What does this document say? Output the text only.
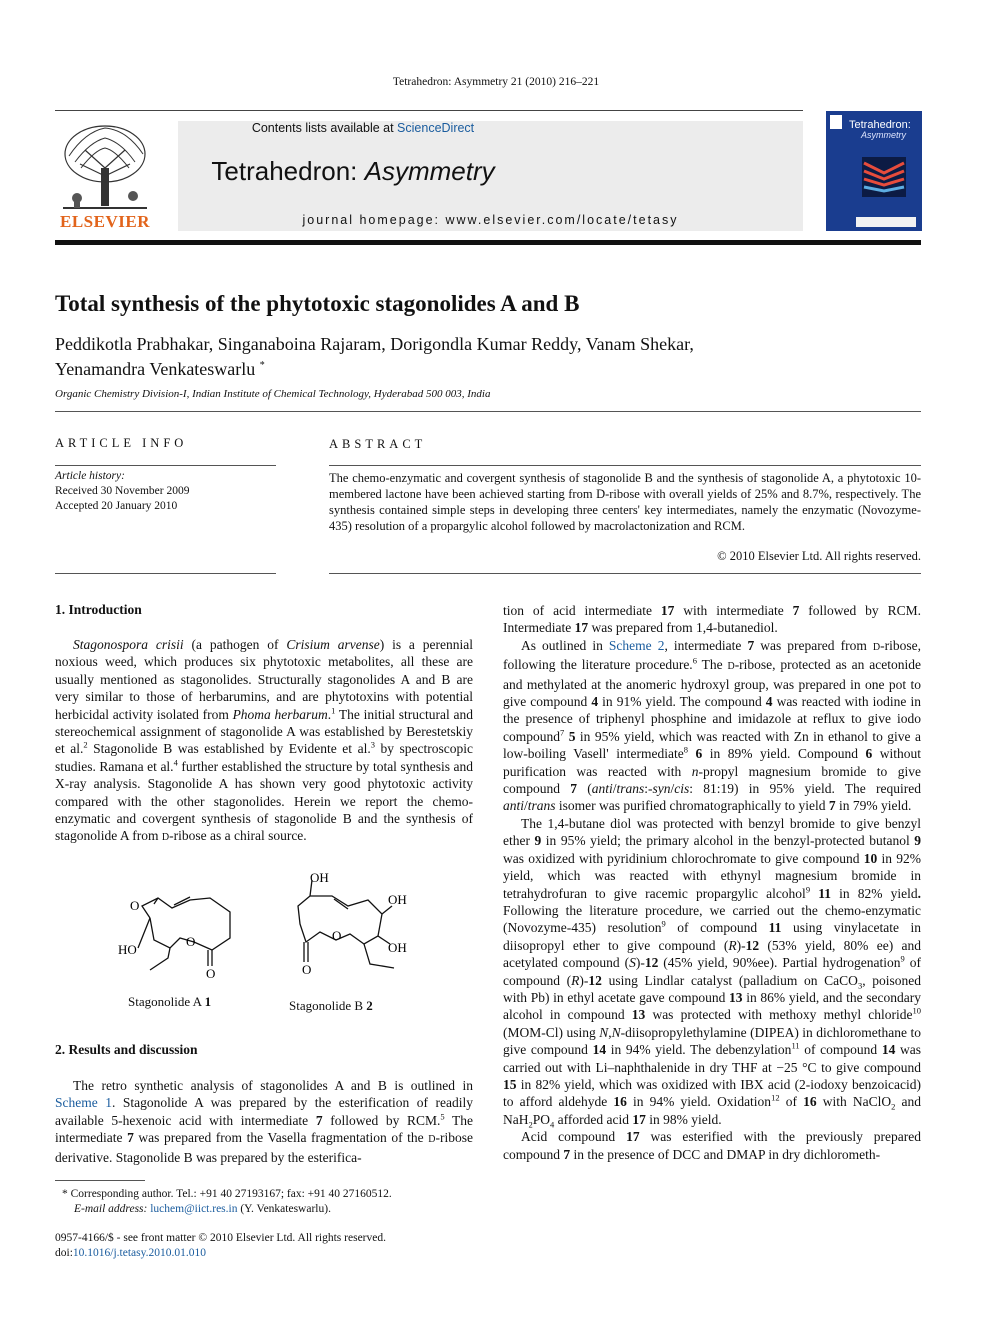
Tetrahedron: Asymmetry 21 (2010) 216–221
ELSEVIER
Contents lists available at ScienceDirect
Tetrahedron: Asymmetry
journal homepage: www.elsevier.com/locate/tetasy
Tetrahedron:
Asymmetry
Total synthesis of the phytotoxic stagonolides A and B
Peddikotla Prabhakar, Singanaboina Rajaram, Dorigondla Kumar Reddy, Vanam Shekar,
Yenamandra Venkateswarlu *
Organic Chemistry Division-I, Indian Institute of Chemical Technology, Hyderabad 500 003, India
ARTICLE INFO
Article history:
Received 30 November 2009
Accepted 20 January 2010
ABSTRACT
The chemo-enzymatic and covergent synthesis of stagonolide B and the synthesis of stagonolide A, a phytotoxic 10-membered lactone have been achieved starting from D-ribose with overall yields of 25% and 8.7%, respectively. The synthesis contained simple steps in developing three centers' key intermediates, namely the enzymatic (Novozyme-435) resolution of a propargylic alcohol followed by macrolactonization and RCM.
© 2010 Elsevier Ltd. All rights reserved.
1. Introduction

Stagonospora crisii (a pathogen of Crisium arvense) is a perennial noxious weed, which produces six phytotoxic metabolites, all these are usually mentioned as stagonolides. Structurally stagonolides A and B are very similar to those of herbarumins, and are phytotoxins with potential herbicidal activity isolated from Phoma herbarum.$^1$ The initial structural and stereochemical assignment of stagonolide A was established by Berestetskiy et al.$^2$ Stagonolide B was established by Evidente et al.$^3$ by spectroscopic studies. Ramana et al.$^4$ further established the structure by total synthesis and X-ray analysis. Stagonolide A has shown very good phytotoxic activity compared with the other stagonolides. Herein we report the chemo-enzymatic and covergent synthesis of stagonolide B and the synthesis of stagonolide A from D-ribose as a chiral source.

O
HO
O
O
OH
OH
OH
O
O
Stagonolide A 1	Stagonolide B 2
2. Results and discussion

The retro synthetic analysis of stagonolides A and B is outlined in Scheme 1. Stagonolide A was prepared by the esterification of readily available 5-hexenoic acid with intermediate 7 followed by RCM.$^5$ The intermediate 7 was prepared from the Vasella fragmentation of the D-ribose derivative. Stagonolide B was prepared by the esterifica-

* Corresponding author. Tel.: +91 40 27193167; fax: +91 40 27160512.
E-mail address: luchem@iict.res.in (Y. Venkateswarlu).
0957-4166/$ - see front matter © 2010 Elsevier Ltd. All rights reserved.
doi:10.1016/j.tetasy.2010.01.010

tion of acid intermediate 17 with intermediate 7 followed by RCM. Intermediate 17 was prepared from 1,4-butanediol.

As outlined in Scheme 2, intermediate 7 was prepared from D-ribose, following the literature procedure.$^6$ The D-ribose, protected as an acetonide and methylated at the anomeric hydroxyl group, was prepared in one pot to give compound 4 in 91% yield. The compound 4 was reacted with iodine in the presence of triphenyl phosphine and imidazole at reflux to give iodo compound$^7$ 5 in 95% yield, which was reacted with Zn in ethanol to give a low-boiling Vasell' intermediate$^8$ 6 in 89% yield. Compound 6 without purification was reacted with n-propyl magnesium bromide to give compound 7 (anti/trans:-syn/cis: 81:19) in 95% yield. The required anti/trans isomer was purified chromatographically to yield 7 in 79% yield.

The 1,4-butane diol was protected with benzyl bromide to give benzyl ether 9 in 95% yield; the primary alcohol in the benzyl-protected butanol 9 was oxidized with pyridinium chlorochromate to give compound 10 in 92% yield, which was reacted with ethynyl magnesium bromide in tetrahydrofuran to give racemic propargylic alcohol$^9$ 11 in 82% yield. Following the literature procedure, we carried out the chemo-enzymatic (Novozyme-435) resolution$^9$ of compound 11 using vinylacetate in diisopropyl ether to give compound (R)-12 (53% yield, 80% ee) and acetylated compound (S)-12 (45% yield, 90%ee). Partial hydrogenation$^9$ of compound (R)-12 using Lindlar catalyst (palladium on CaCO$_3$, poisoned with Pb) in ethyl acetate gave compound 13 in 86% yield, and the secondary alcohol in compound 13 was protected with methoxy methyl chloride$^{10}$ (MOM-Cl) using N,N-diisopropylethylamine (DIPEA) in dichloromethane to give compound 14 in 94% yield. The debenzylation$^{11}$ of compound 14 was carried out with Li–naphthalenide in dry THF at −25 °C to give compound 15 in 82% yield, which was oxidized with IBX acid (2-iodoxy benzoicacid) to afford aldehyde 16 in 94% yield. Oxidation$^{12}$ of 16 with NaClO$_2$ and $NaH_2PO_4$ afforded acid 17 in 98% yield.

Acid compound 17 was esterified with the previously prepared compound 7 in the presence of DCC and DMAP in dry dichlorometh-
